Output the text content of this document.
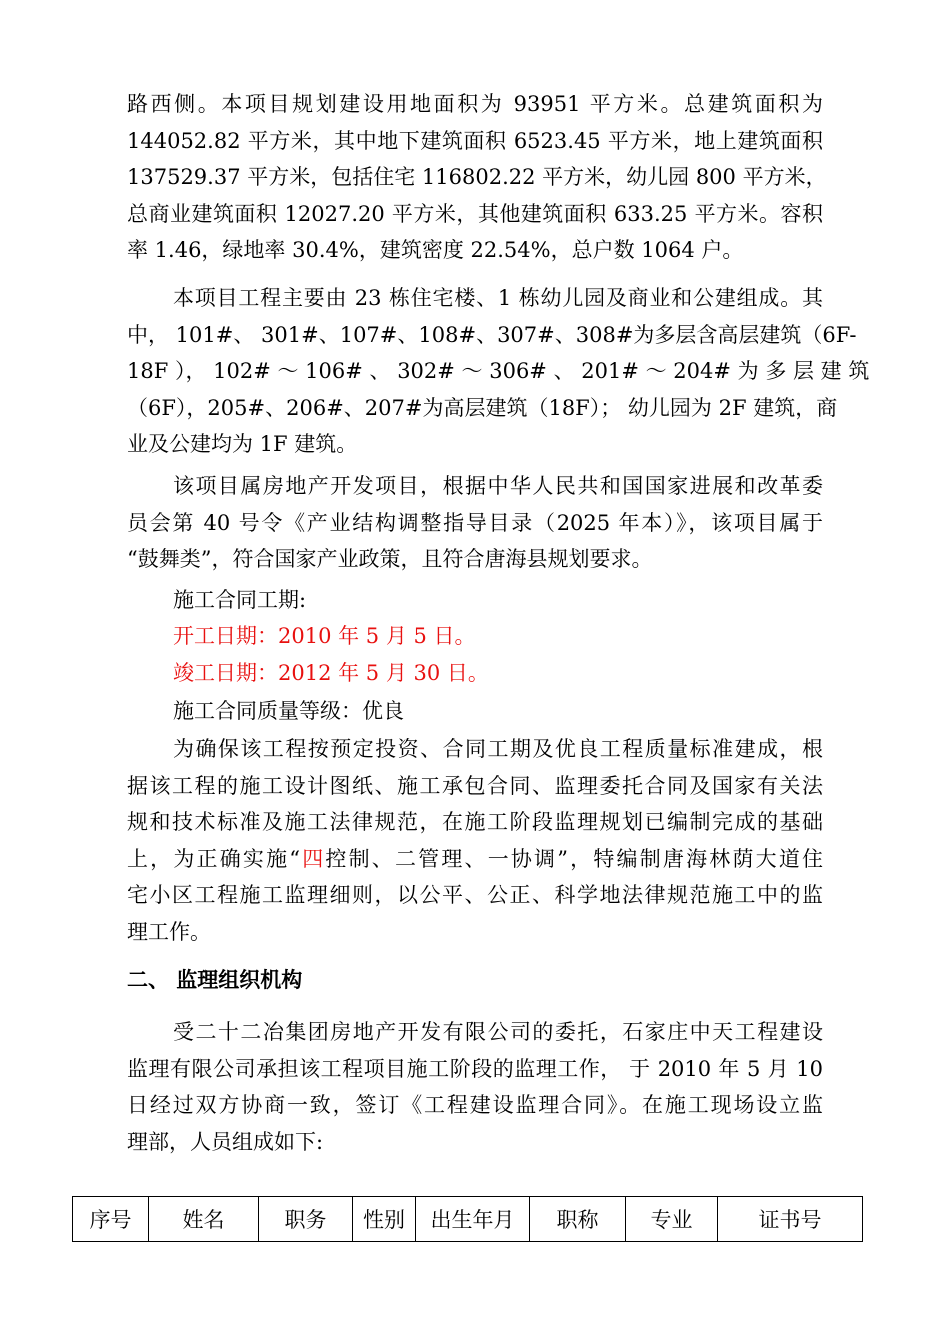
路西侧。本项目规划建设用地面积为 93951 平方米。总建筑面积为
144052.82 平方米，其中地下建筑面积 6523.45 平方米，地上建筑面积
137529.37 平方米，包括住宅 116802.22 平方米，幼儿园 800 平方米，
总商业建筑面积 12027.20 平方米，其他建筑面积 633.25 平方米。容积
率 1.46，绿地率 30.4%，建筑密度 22.54%，总户数 1064 户。
本项目工程主要由 23 栋住宅楼、1 栋幼儿园及商业和公建组成。其
中， 101#、 301#、107#、108#、307#、308#为多层含高层建筑（6F-
18F ）， 102# ～ 106# 、 302# ～ 306# 、 201# ～ 204# 为 多 层 建 筑
（6F），205#、206#、207#为高层建筑（18F）； 幼儿园为 2F 建筑，商
业及公建均为 1F 建筑。
该项目属房地产开发项目，根据中华人民共和国国家进展和改革委
员会第 40 号令《产业结构调整指导目录（2025 年本）》，该项目属于
“鼓舞类”，符合国家产业政策，且符合唐海县规划要求。

施工合同工期:

开工日期：2010 年 5 月 5 日。

竣工日期：2012 年 5 月 30 日。

施工合同质量等级：优良

为确保该工程按预定投资、合同工期及优良工程质量标准建成，根
据该工程的施工设计图纸、施工承包合同、监理委托合同及国家有关法
规和技术标准及施工法律规范，在施工阶段监理规划已编制完成的基础
上，为正确实施“四控制、二管理、一协调”，特编制唐海林荫大道住
宅小区工程施工监理细则，以公平、公正、科学地法律规范施工中的监
理工作。
二、 监理组织机构
受二十二冶集团房地产开发有限公司的委托，石家庄中天工程建设
监理有限公司承担该工程项目施工阶段的监理工作， 于 2010 年 5 月 10
日经过双方协商一致，签订《工程建设监理合同》。在施工现场设立监
理部，人员组成如下:
序号	姓名	职务	性别	出生年月	职称	专业	证书号
